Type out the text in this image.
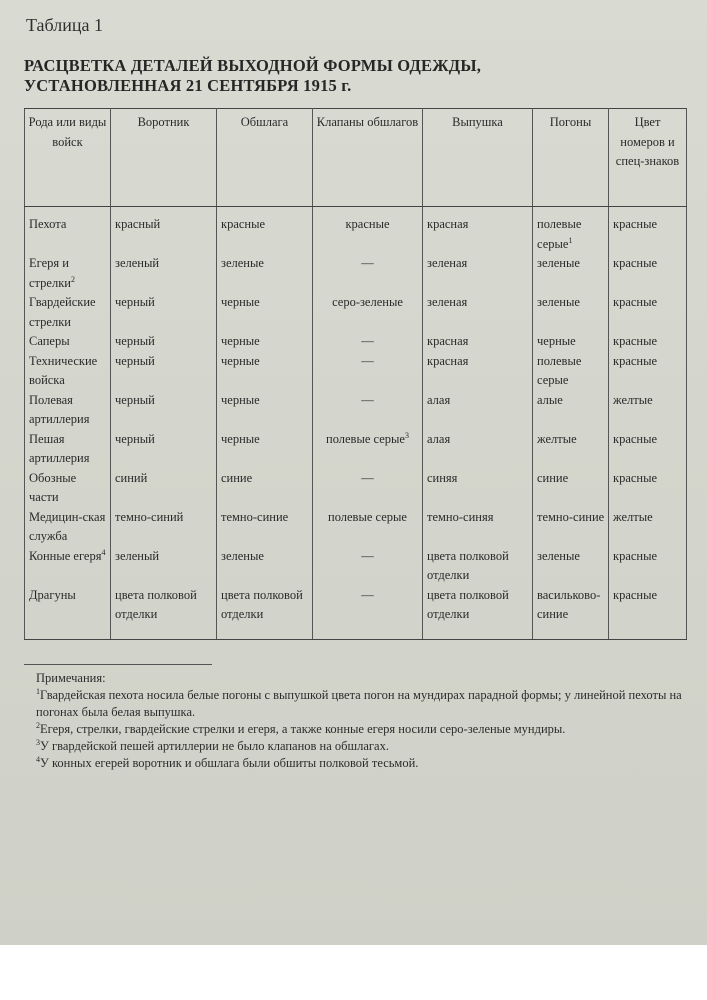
Таблица 1
РАСЦВЕТКА ДЕТАЛЕЙ ВЫХОДНОЙ ФОРМЫ ОДЕЖДЫ,
УСТАНОВЛЕННАЯ 21 СЕНТЯБРЯ 1915 г.
Рода или виды войск	Воротник	Обшлага	Клапаны обшлагов	Выпушка	Погоны	Цвет номеров и спец-знаков
Пехота	красный	красные	красные	красная	полевые серые$^1$	красные
Егеря и стрелки$^2$	зеленый	зеленые	—	зеленая	зеленые	красные
Гвардейские стрелки	черный	черные	серо-зеленые	зеленая	зеленые	красные
Саперы	черный	черные	—	красная	черные	красные
Технические войска	черный	черные	—	красная	полевые серые	красные
Полевая артиллерия	черный	черные	—	алая	алые	желтые
Пешая артиллерия	черный	черные	полевые серые$^3$	алая	желтые	красные
Обозные части	синий	синие	—	синяя	синие	красные
Медицин-ская служба	темно-синий	темно-синие	полевые серые	темно-синяя	темно-синие	желтые
Конные егеря$^4$	зеленый	зеленые	—	цвета полковой отделки	зеленые	красные
Драгуны	цвета полковой отделки	цвета полковой отделки	—	цвета полковой отделки	васильково-синие	красные
Примечания:

$^1$Гвардейская пехота носила белые погоны с выпушкой цвета погон на мундирах парадной формы; у линейной пехоты на погонах была белая выпушка.

$^2$Егеря, стрелки, гвардейские стрелки и егеря, а также конные егеря носили серо-зеленые мундиры.

$^3$У гвардейской пешей артиллерии не было клапанов на обшлагах.

$^4$У конных егерей воротник и обшлага были обшиты полковой тесьмой.
